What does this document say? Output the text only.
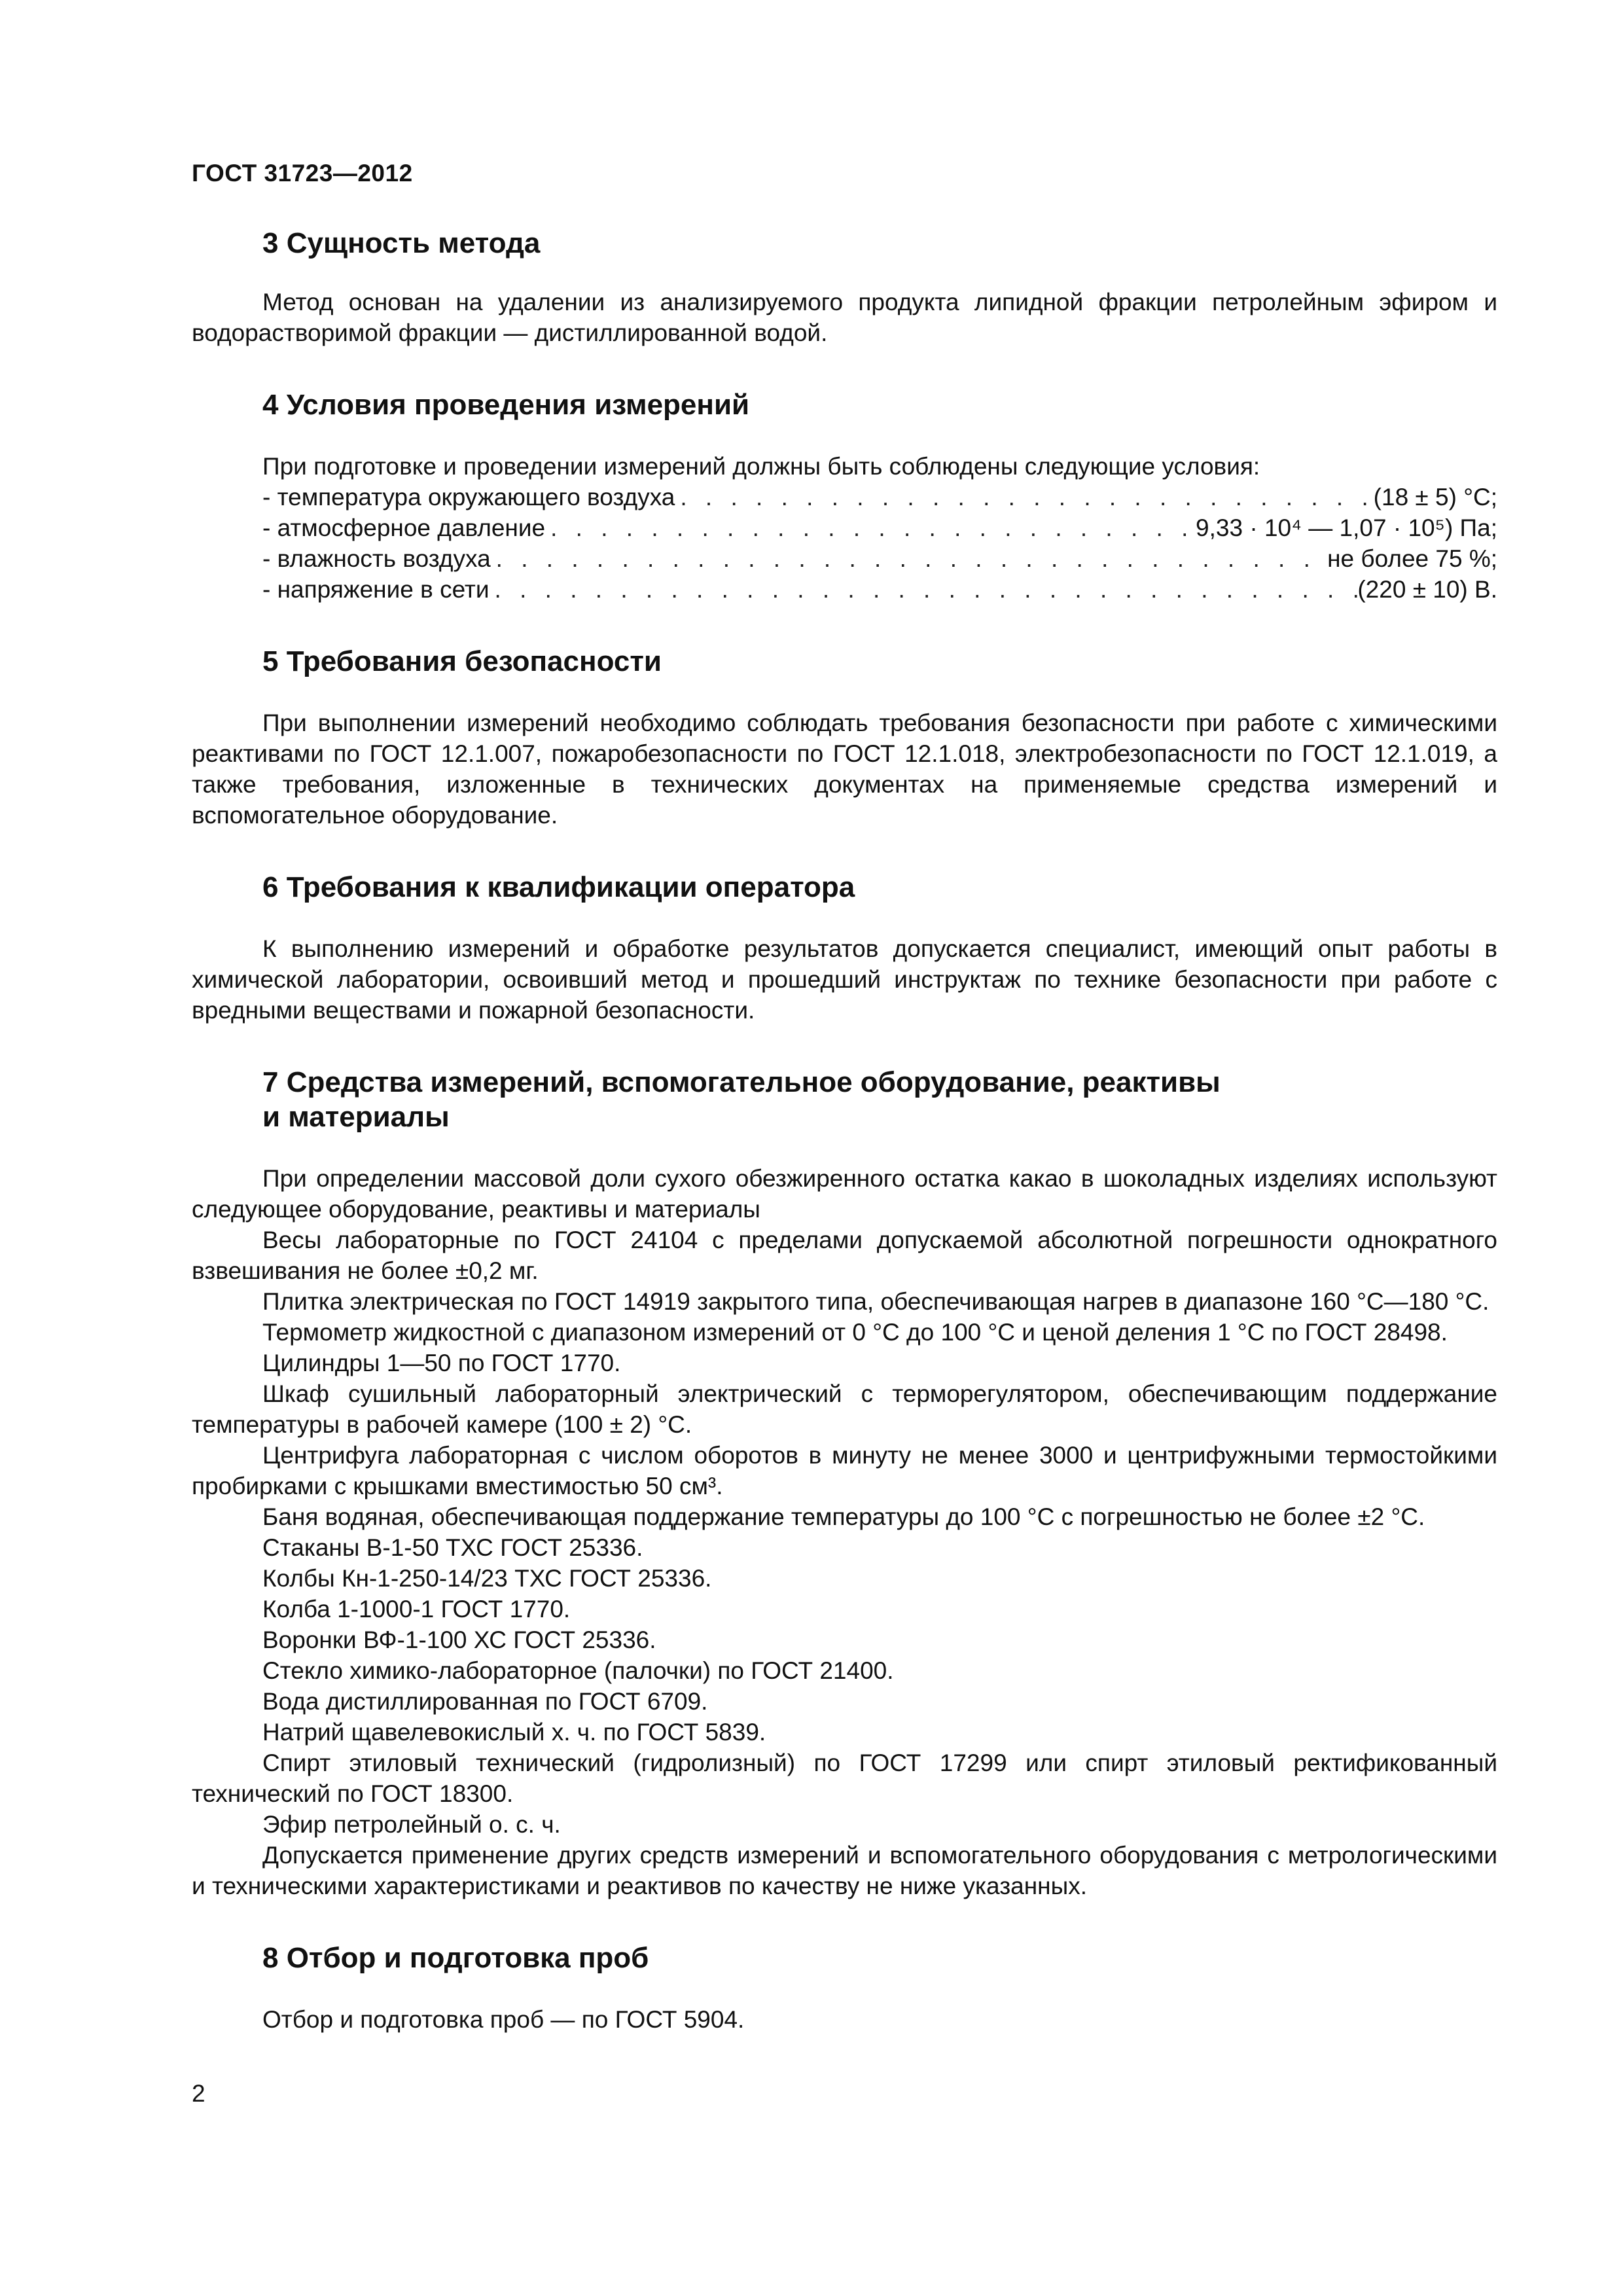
ГОСТ 31723—2012
3 Сущность метода

Метод основан на удалении из анализируемого продукта липидной фракции петролейным эфиром и водорастворимой фракции — дистиллированной водой.

4 Условия проведения измерений

При подготовке и проведении измерений должны быть соблюдены следующие условия:

- температура окружающего воздуха . . .	(18 ± 5) °C;
- атмосферное давление . . .	9,33 · 10⁴ — 1,07 · 10⁵) Па;
- влажность воздуха . . .	не более 75 %;
- напряжение в сети . . .	(220 ± 10) В.
5 Требования безопасности

При выполнении измерений необходимо соблюдать требования безопасности при работе с химическими реактивами по ГОСТ 12.1.007, пожаробезопасности по ГОСТ 12.1.018, электробезопасности по ГОСТ 12.1.019, а также требования, изложенные в технических документах на применяемые средства измерений и вспомогательное оборудование.

6 Требования к квалификации оператора

К выполнению измерений и обработке результатов допускается специалист, имеющий опыт работы в химической лаборатории, освоивший метод и прошедший инструктаж по технике безопасности при работе с вредными веществами и пожарной безопасности.

7 Средства измерений, вспомогательное оборудование, реактивы
и материалы

При определении массовой доли сухого обезжиренного остатка какао в шоколадных изделиях используют следующее оборудование, реактивы и материалы

Весы лабораторные по ГОСТ 24104 с пределами допускаемой абсолютной погрешности однократного взвешивания не более ±0,2 мг.

Плитка электрическая по ГОСТ 14919 закрытого типа, обеспечивающая нагрев в диапазоне 160 °C—180 °C.

Термометр жидкостной с диапазоном измерений от 0 °C до 100 °C и ценой деления 1 °C по ГОСТ 28498.

Цилиндры 1—50 по ГОСТ 1770.

Шкаф сушильный лабораторный электрический с терморегулятором, обеспечивающим поддержание температуры в рабочей камере (100 ± 2) °C.

Центрифуга лабораторная с числом оборотов в минуту не менее 3000 и центрифужными термостойкими пробирками с крышками вместимостью 50 см³.

Баня водяная, обеспечивающая поддержание температуры до 100 °C с погрешностью не более ±2 °C.

Стаканы В-1-50 ТХС ГОСТ 25336.

Колбы Кн-1-250-14/23 ТХС ГОСТ 25336.

Колба 1-1000-1 ГОСТ 1770.

Воронки ВФ-1-100 ХС ГОСТ 25336.

Стекло химико-лабораторное (палочки) по ГОСТ 21400.

Вода дистиллированная по ГОСТ 6709.

Натрий щавелевокислый х. ч. по ГОСТ 5839.

Спирт этиловый технический (гидролизный) по ГОСТ 17299 или спирт этиловый ректификованный технический по ГОСТ 18300.

Эфир петролейный о. с. ч.

Допускается применение других средств измерений и вспомогательного оборудования с метрологическими и техническими характеристиками и реактивов по качеству не ниже указанных.

8 Отбор и подготовка проб

Отбор и подготовка проб — по ГОСТ 5904.

2
